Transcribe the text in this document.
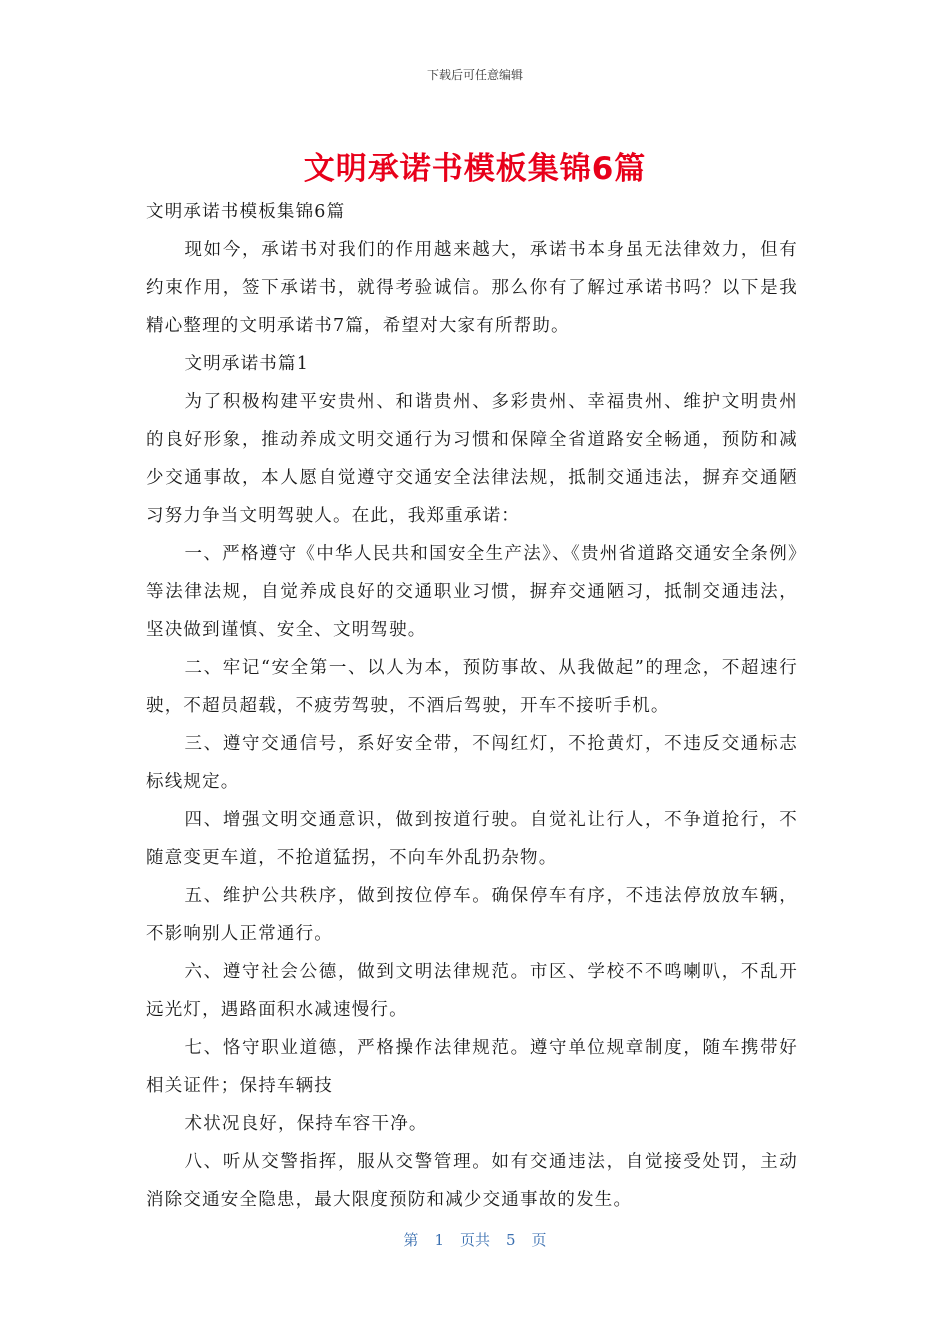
下载后可任意编辑
文明承诺书模板集锦6篇

文明承诺书模板集锦6篇

现如今，承诺书对我们的作用越来越大，承诺书本身虽无法律效力，但有约束作用，签下承诺书，就得考验诚信。那么你有了解过承诺书吗？以下是我精心整理的文明承诺书7篇，希望对大家有所帮助。

文明承诺书篇1

为了积极构建平安贵州、和谐贵州、多彩贵州、幸福贵州、维护文明贵州的良好形象，推动养成文明交通行为习惯和保障全省道路安全畅通，预防和减少交通事故，本人愿自觉遵守交通安全法律法规，抵制交通违法，摒弃交通陋习努力争当文明驾驶人。在此，我郑重承诺：

一、严格遵守《中华人民共和国安全生产法》、《贵州省道路交通安全条例》等法律法规，自觉养成良好的交通职业习惯，摒弃交通陋习，抵制交通违法，坚决做到谨慎、安全、文明驾驶。

二、牢记“安全第一、以人为本，预防事故、从我做起”的理念，不超速行驶，不超员超载，不疲劳驾驶，不酒后驾驶，开车不接听手机。

三、遵守交通信号，系好安全带，不闯红灯，不抢黄灯，不违反交通标志标线规定。

四、增强文明交通意识，做到按道行驶。自觉礼让行人，不争道抢行，不随意变更车道，不抢道猛拐，不向车外乱扔杂物。

五、维护公共秩序，做到按位停车。确保停车有序，不违法停放放车辆，不影响别人正常通行。

六、遵守社会公德，做到文明法律规范。市区、学校不不鸣喇叭，不乱开远光灯，遇路面积水减速慢行。

七、恪守职业道德，严格操作法律规范。遵守单位规章制度，随车携带好相关证件；保持车辆技

术状况良好，保持车容干净。

八、听从交警指挥，服从交警管理。如有交通违法，自觉接受处罚，主动消除交通安全隐患，最大限度预防和减少交通事故的发生。

第 1 页共 5 页
